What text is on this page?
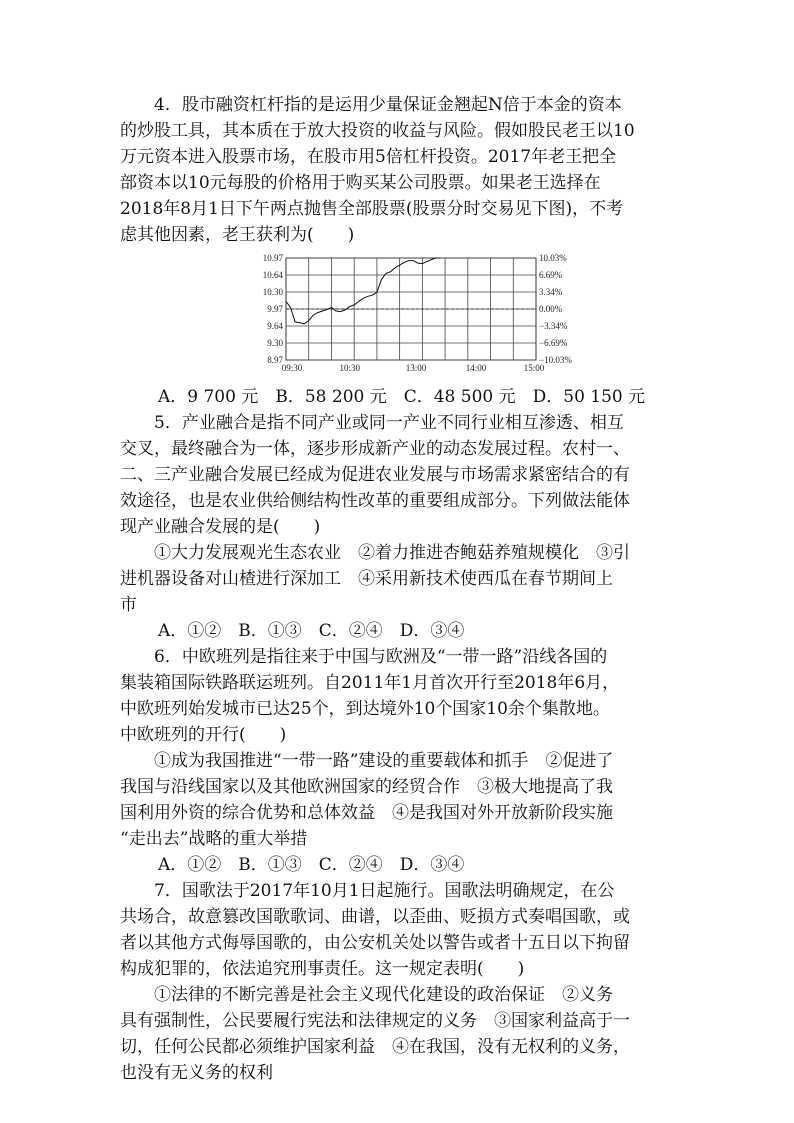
4．股市融资杠杆指的是运用少量保证金翘起N倍于本金的资本

的炒股工具，其本质在于放大投资的收益与风险。假如股民老王以10

万元资本进入股票市场，在股市用5倍杠杆投资。2017年老王把全

部资本以10元每股的价格用于购买某公司股票。如果老王选择在

2018年8月1日下午两点抛售全部股票(股票分时交易见下图)，不考

虑其他因素，老王获利为(　　)

10.97
10.64
10.30
9.97
9.64
9.30
8.97
10.03%
6.69%
3.34%
0.00%
−3.34%
−6.69%
−10.03%
09:30	10:30	13:00	14:00	15:00

A．9 700 元　B．58 200 元　C．48 500 元　D．50 150 元

5．产业融合是指不同产业或同一产业不同行业相互渗透、相互

交叉，最终融合为一体，逐步形成新产业的动态发展过程。农村一、

二、三产业融合发展已经成为促进农业发展与市场需求紧密结合的有

效途径，也是农业供给侧结构性改革的重要组成部分。下列做法能体

现产业融合发展的是(　　)

①大力发展观光生态农业　②着力推进杏鲍菇养殖规模化　③引

进机器设备对山楂进行深加工　④采用新技术使西瓜在春节期间上

市

A．①②　B．①③　C．②④　D．③④

6．中欧班列是指往来于中国与欧洲及“一带一路”沿线各国的

集装箱国际铁路联运班列。自2011年1月首次开行至2018年6月，

中欧班列始发城市已达25个，到达境外10个国家10余个集散地。

中欧班列的开行(　　)

①成为我国推进“一带一路”建设的重要载体和抓手　②促进了

我国与沿线国家以及其他欧洲国家的经贸合作　③极大地提高了我

国利用外资的综合优势和总体效益　④是我国对外开放新阶段实施

“走出去”战略的重大举措

A．①②　B．①③　C．②④　D．③④

7．国歌法于2017年10月1日起施行。国歌法明确规定，在公

共场合，故意篡改国歌歌词、曲谱，以歪曲、贬损方式奏唱国歌，或

者以其他方式侮辱国歌的，由公安机关处以警告或者十五日以下拘留

构成犯罪的，依法追究刑事责任。这一规定表明(　　)

①法律的不断完善是社会主义现代化建设的政治保证　②义务

具有强制性，公民要履行宪法和法律规定的义务　③国家利益高于一

切，任何公民都必须维护国家利益　④在我国，没有无权利的义务，

也没有无义务的权利
